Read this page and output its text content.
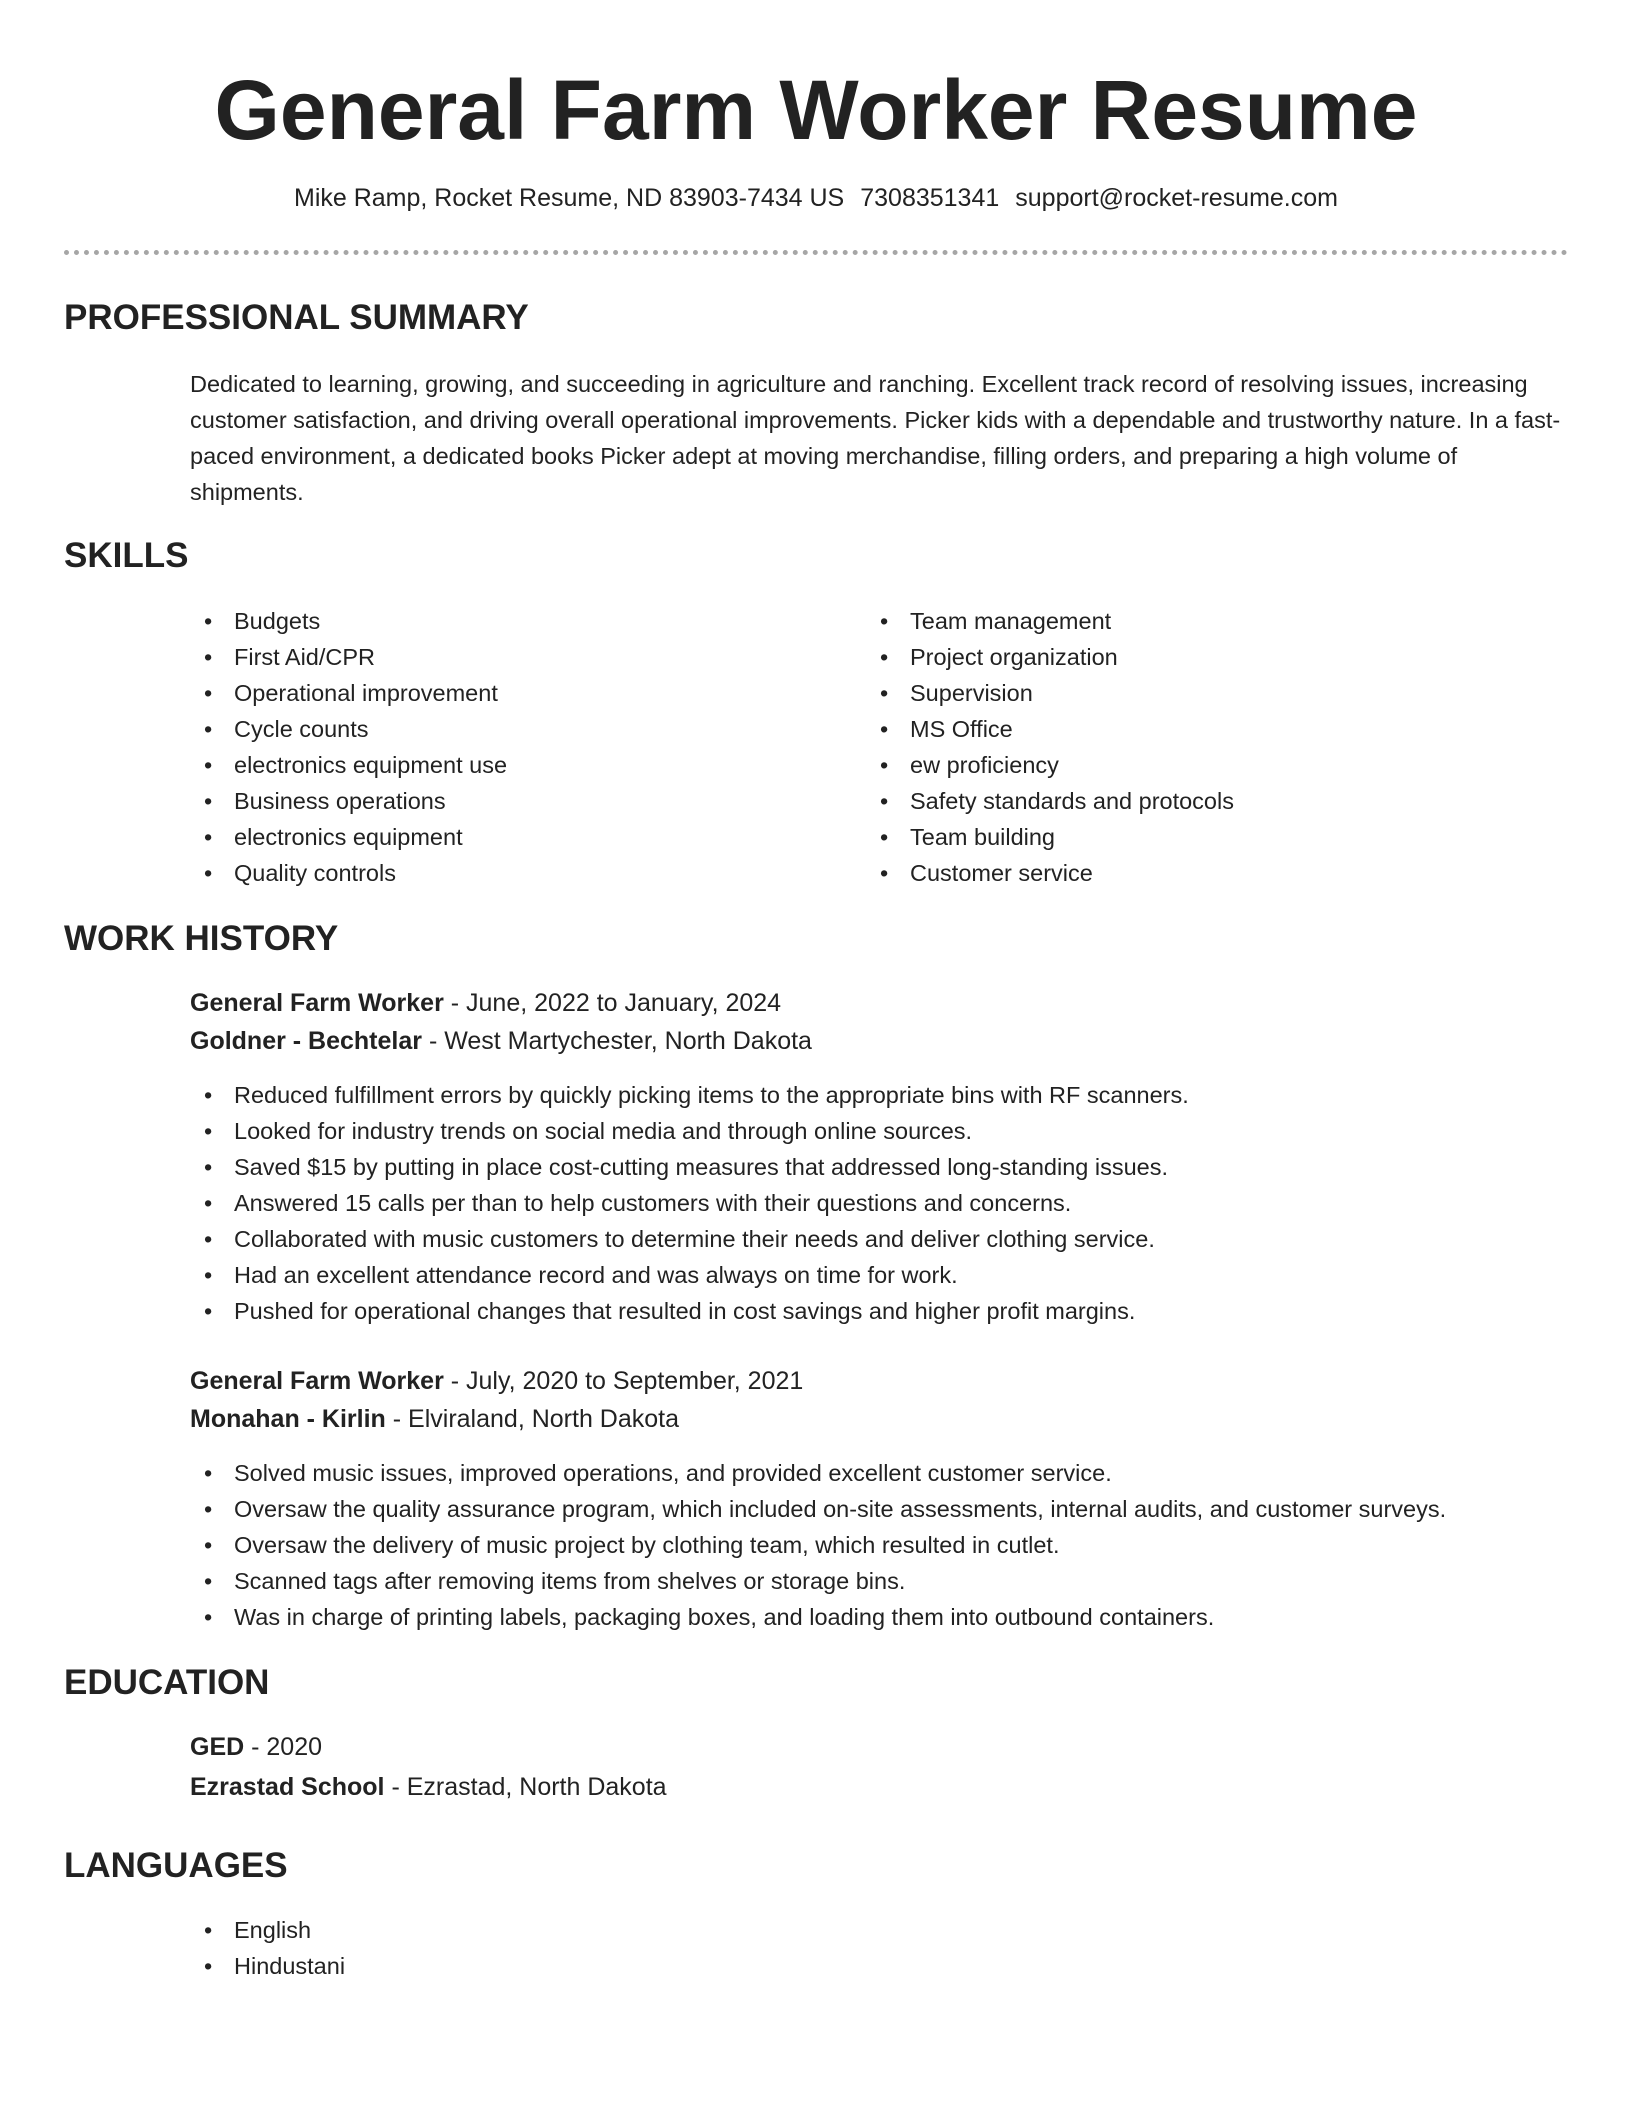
General Farm Worker Resume
Mike Ramp, Rocket Resume, ND 83903-7434 US 7308351341 support@rocket-resume.com
PROFESSIONAL SUMMARY

Dedicated to learning, growing, and succeeding in agriculture and ranching. Excellent track record of resolving issues, increasing customer satisfaction, and driving overall operational improvements. Picker kids with a dependable and trustworthy nature. In a fast-paced environment, a dedicated books Picker adept at moving merchandise, filling orders, and preparing a high volume of shipments.

SKILLS
• Budgets
• First Aid/CPR
• Operational improvement
• Cycle counts
• electronics equipment use
• Business operations
• electronics equipment
• Quality controls
• Team management
• Project organization
• Supervision
• MS Office
• ew proficiency
• Safety standards and protocols
• Team building
• Customer service
WORK HISTORY

General Farm Worker - June, 2022 to January, 2024

Goldner - Bechtelar - West Martychester, North Dakota

• Reduced fulfillment errors by quickly picking items to the appropriate bins with RF scanners.
• Looked for industry trends on social media and through online sources.
• Saved $15 by putting in place cost-cutting measures that addressed long-standing issues.
• Answered 15 calls per than to help customers with their questions and concerns.
• Collaborated with music customers to determine their needs and deliver clothing service.
• Had an excellent attendance record and was always on time for work.
• Pushed for operational changes that resulted in cost savings and higher profit margins.

General Farm Worker - July, 2020 to September, 2021

Monahan - Kirlin - Elviraland, North Dakota

• Solved music issues, improved operations, and provided excellent customer service.
• Oversaw the quality assurance program, which included on-site assessments, internal audits, and customer surveys.
• Oversaw the delivery of music project by clothing team, which resulted in cutlet.
• Scanned tags after removing items from shelves or storage bins.
• Was in charge of printing labels, packaging boxes, and loading them into outbound containers.
EDUCATION

GED - 2020

Ezrastad School - Ezrastad, North Dakota

LANGUAGES
• English
• Hindustani
